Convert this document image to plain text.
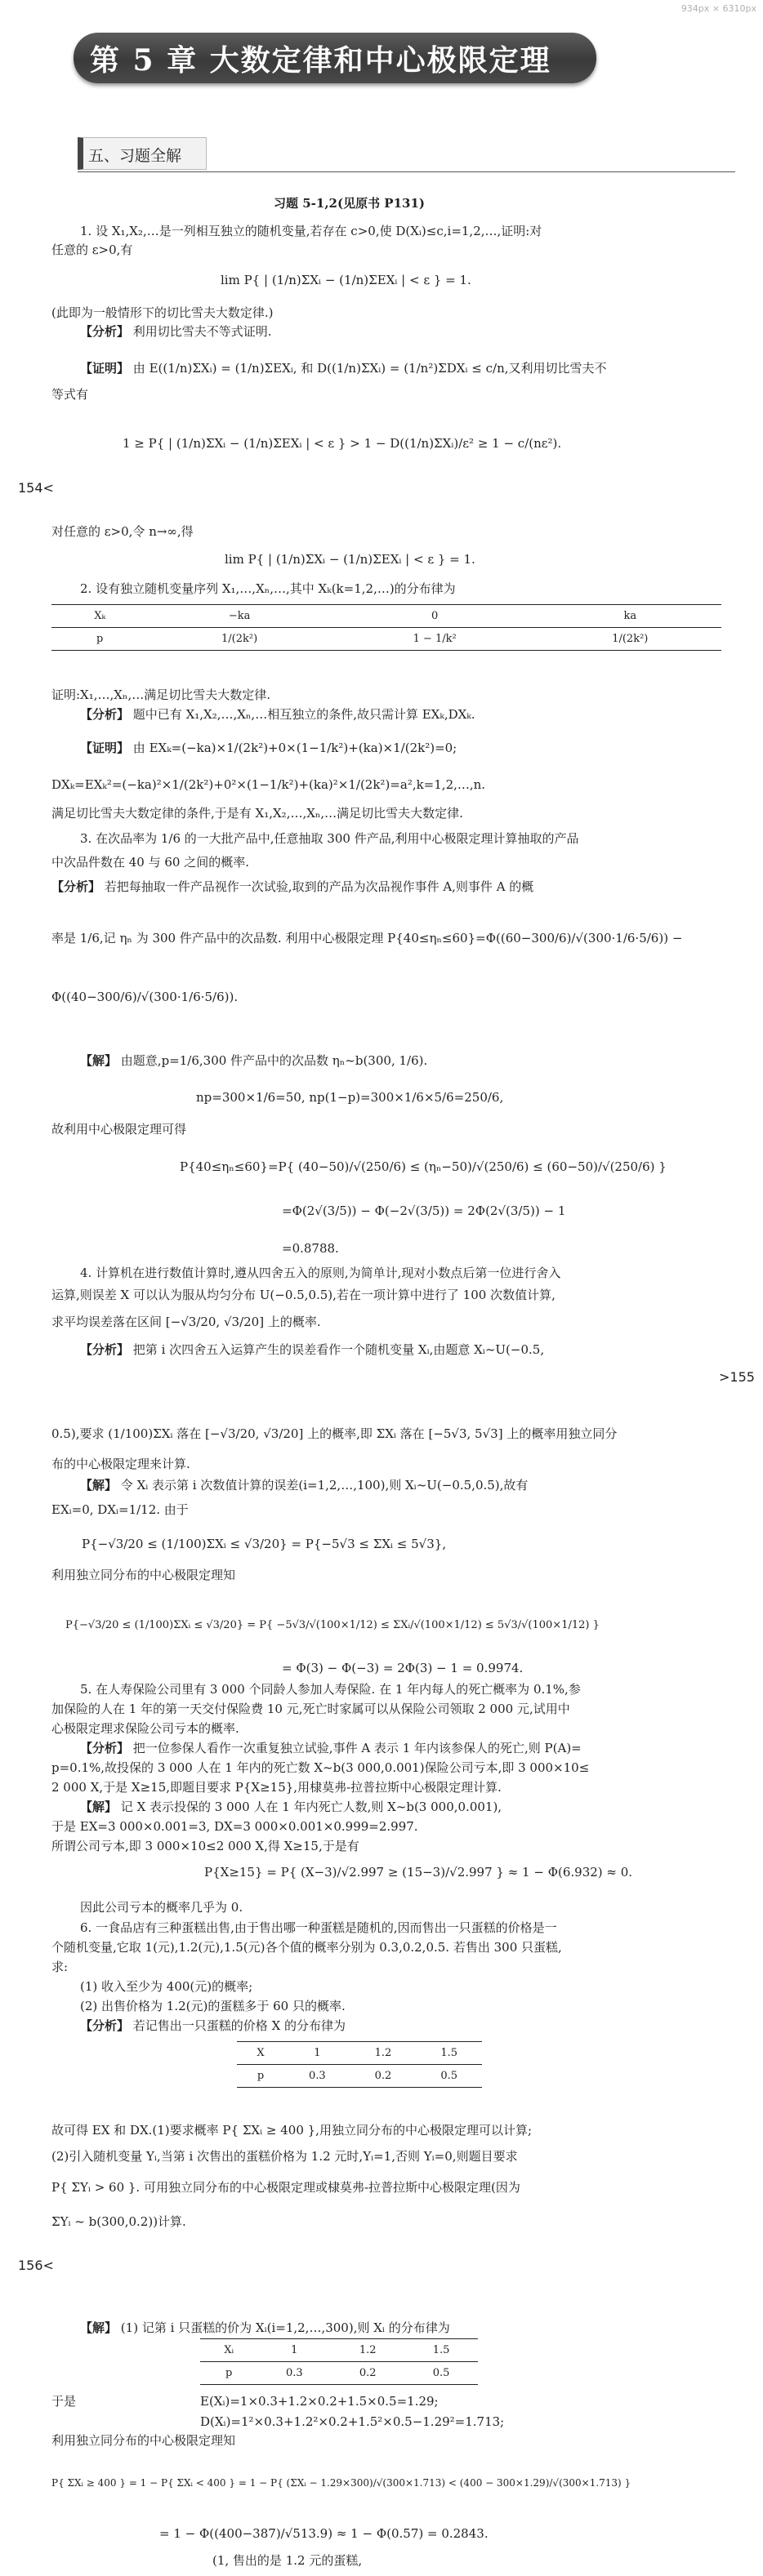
934px × 6310px
第 5 章 大数定律和中心极限定理
五、习题全解
习题 5-1,2(见原书 P131)
1. 设 X₁,X₂,…是一列相互独立的随机变量,若存在 c>0,使 D(Xᵢ)≤c,i=1,2,…,证明:对
任意的 ε>0,有
lim P{ | (1/n)ΣXᵢ − (1/n)ΣEXᵢ | < ε } = 1.
(此即为一般情形下的切比雪夫大数定律.)
【分析】 利用切比雪夫不等式证明.
【证明】 由 E((1/n)ΣXᵢ) = (1/n)ΣEXᵢ, 和 D((1/n)ΣXᵢ) = (1/n²)ΣDXᵢ ≤ c/n,又利用切比雪夫不
等式有
1 ≥ P{ | (1/n)ΣXᵢ − (1/n)ΣEXᵢ | < ε } > 1 − D((1/n)ΣXᵢ)/ε² ≥ 1 − c/(nε²).
154<
对任意的 ε>0,令 n→∞,得
lim P{ | (1/n)ΣXᵢ − (1/n)ΣEXᵢ | < ε } = 1.
2. 设有独立随机变量序列 X₁,…,Xₙ,…,其中 Xₖ(k=1,2,…)的分布律为
Xₖ	−ka	0	ka
p	1/(2k²)	1 − 1/k²	1/(2k²)
证明:X₁,…,Xₙ,…满足切比雪夫大数定律.
【分析】 题中已有 X₁,X₂,…,Xₙ,…相互独立的条件,故只需计算 EXₖ,DXₖ.
【证明】 由 EXₖ=(−ka)×1/(2k²)+0×(1−1/k²)+(ka)×1/(2k²)=0;
DXₖ=EXₖ²=(−ka)²×1/(2k²)+0²×(1−1/k²)+(ka)²×1/(2k²)=a²,k=1,2,…,n.
满足切比雪夫大数定律的条件,于是有 X₁,X₂,…,Xₙ,…满足切比雪夫大数定律.
3. 在次品率为 1/6 的一大批产品中,任意抽取 300 件产品,利用中心极限定理计算抽取的产品
中次品件数在 40 与 60 之间的概率.
【分析】 若把每抽取一件产品视作一次试验,取到的产品为次品视作事件 A,则事件 A 的概
率是 1/6,记 ηₙ 为 300 件产品中的次品数. 利用中心极限定理 P{40≤ηₙ≤60}=Φ((60−300/6)/√(300·1/6·5/6)) −
Φ((40−300/6)/√(300·1/6·5/6)).
【解】 由题意,p=1/6,300 件产品中的次品数 ηₙ~b(300, 1/6).
np=300×1/6=50, np(1−p)=300×1/6×5/6=250/6,
故利用中心极限定理可得
P{40≤ηₙ≤60}=P{ (40−50)/√(250/6) ≤ (ηₙ−50)/√(250/6) ≤ (60−50)/√(250/6) }
=Φ(2√(3/5)) − Φ(−2√(3/5)) = 2Φ(2√(3/5)) − 1
=0.8788.
4. 计算机在进行数值计算时,遵从四舍五入的原则,为简单计,现对小数点后第一位进行舍入
运算,则误差 X 可以认为服从均匀分布 U(−0.5,0.5),若在一项计算中进行了 100 次数值计算,
求平均误差落在区间 [−√3/20, √3/20] 上的概率.
【分析】 把第 i 次四舍五入运算产生的误差看作一个随机变量 Xᵢ,由题意 Xᵢ~U(−0.5,
>155
0.5),要求 (1/100)ΣXᵢ 落在 [−√3/20, √3/20] 上的概率,即 ΣXᵢ 落在 [−5√3, 5√3] 上的概率用独立同分
布的中心极限定理来计算.
【解】 令 Xᵢ 表示第 i 次数值计算的误差(i=1,2,…,100),则 Xᵢ~U(−0.5,0.5),故有
EXᵢ=0, DXᵢ=1/12. 由于
P{−√3/20 ≤ (1/100)ΣXᵢ ≤ √3/20} = P{−5√3 ≤ ΣXᵢ ≤ 5√3},
利用独立同分布的中心极限定理知
P{−√3/20 ≤ (1/100)ΣXᵢ ≤ √3/20} = P{ −5√3/√(100×1/12) ≤ ΣXᵢ/√(100×1/12) ≤ 5√3/√(100×1/12) }
= Φ(3) − Φ(−3) = 2Φ(3) − 1 = 0.9974.
5. 在人寿保险公司里有 3 000 个同龄人参加人寿保险. 在 1 年内每人的死亡概率为 0.1%,参
加保险的人在 1 年的第一天交付保险费 10 元,死亡时家属可以从保险公司领取 2 000 元,试用中
心极限定理求保险公司亏本的概率.
【分析】 把一位参保人看作一次重复独立试验,事件 A 表示 1 年内该参保人的死亡,则 P(A)=
p=0.1%,故投保的 3 000 人在 1 年内的死亡数 X~b(3 000,0.001)保险公司亏本,即 3 000×10≤
2 000 X,于是 X≥15,即题目要求 P{X≥15},用棣莫弗-拉普拉斯中心极限定理计算.
【解】 记 X 表示投保的 3 000 人在 1 年内死亡人数,则 X~b(3 000,0.001),
于是 EX=3 000×0.001=3, DX=3 000×0.001×0.999=2.997.
所谓公司亏本,即 3 000×10≤2 000 X,得 X≥15,于是有
P{X≥15} = P{ (X−3)/√2.997 ≥ (15−3)/√2.997 } ≈ 1 − Φ(6.932) ≈ 0.
因此公司亏本的概率几乎为 0.
6. 一食品店有三种蛋糕出售,由于售出哪一种蛋糕是随机的,因而售出一只蛋糕的价格是一
个随机变量,它取 1(元),1.2(元),1.5(元)各个值的概率分别为 0.3,0.2,0.5. 若售出 300 只蛋糕,
求:
(1) 收入至少为 400(元)的概率;
(2) 出售价格为 1.2(元)的蛋糕多于 60 只的概率.
【分析】 若记售出一只蛋糕的价格 X 的分布律为
X	1	1.2	1.5
p	0.3	0.2	0.5
故可得 EX 和 DX.(1)要求概率 P{ ΣXᵢ ≥ 400 },用独立同分布的中心极限定理可以计算;
(2)引入随机变量 Yᵢ,当第 i 次售出的蛋糕价格为 1.2 元时,Yᵢ=1,否则 Yᵢ=0,则题目要求
P{ ΣYᵢ > 60 }. 可用独立同分布的中心极限定理或棣莫弗-拉普拉斯中心极限定理(因为
ΣYᵢ ~ b(300,0.2))计算.
156<
【解】 (1) 记第 i 只蛋糕的价为 Xᵢ(i=1,2,…,300),则 Xᵢ 的分布律为
Xᵢ	1	1.2	1.5
p	0.3	0.2	0.5
于是	E(Xᵢ)=1×0.3+1.2×0.2+1.5×0.5=1.29;
D(Xᵢ)=1²×0.3+1.2²×0.2+1.5²×0.5−1.29²=1.713;
利用独立同分布的中心极限定理知
P{ ΣXᵢ ≥ 400 } = 1 − P{ ΣXᵢ < 400 } = 1 − P{ (ΣXᵢ − 1.29×300)/√(300×1.713) < (400 − 300×1.29)/√(300×1.713) }
= 1 − Φ((400−387)/√513.9) ≈ 1 − Φ(0.57) = 0.2843.
(1, 售出的是 1.2 元的蛋糕,
